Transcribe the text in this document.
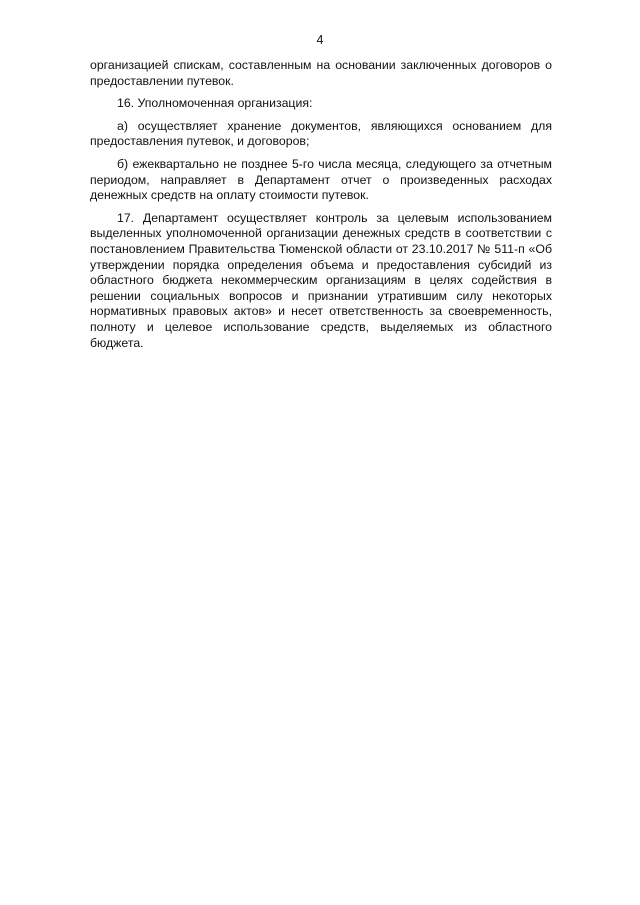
4

организацией спискам, составленным на основании заключенных договоров о предоставлении путевок.

16. Уполномоченная организация:

а) осуществляет хранение документов, являющихся основанием для предоставления путевок, и договоров;

б) ежеквартально не позднее 5-го числа месяца, следующего за отчетным периодом, направляет в Департамент отчет о произведенных расходах денежных средств на оплату стоимости путевок.

17. Департамент осуществляет контроль за целевым использованием выделенных уполномоченной организации денежных средств в соответствии с постановлением Правительства Тюменской области от 23.10.2017 № 511-п «Об утверждении порядка определения объема и предоставления субсидий из областного бюджета некоммерческим организациям в целях содействия в решении социальных вопросов и признании утратившим силу некоторых нормативных правовых актов» и несет ответственность за своевременность, полноту и целевое использование средств, выделяемых из областного бюджета.
